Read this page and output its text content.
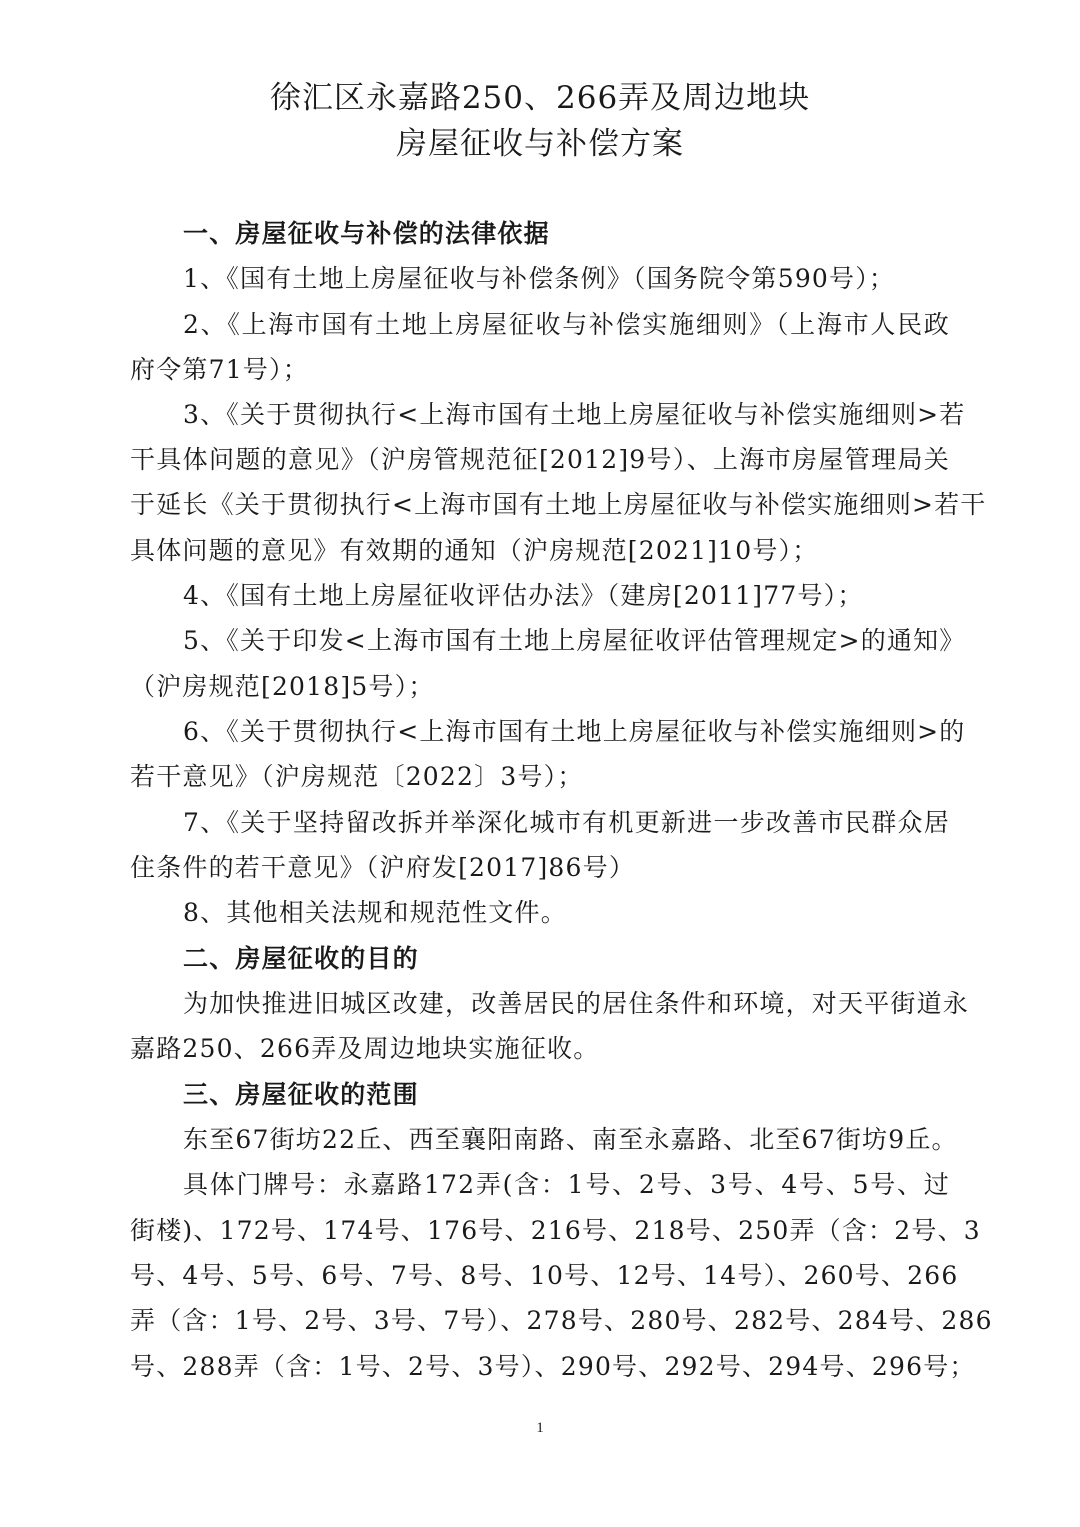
徐汇区永嘉路250、266弄及周边地块
房屋征收与补偿方案
一、房屋征收与补偿的法律依据
1、《国有土地上房屋征收与补偿条例》（国务院令第590号）；
2、《上海市国有土地上房屋征收与补偿实施细则》（上海市人民政
府令第71号）；
3、《关于贯彻执行<上海市国有土地上房屋征收与补偿实施细则>若
干具体问题的意见》（沪房管规范征[2012]9号）、上海市房屋管理局关
于延长《关于贯彻执行<上海市国有土地上房屋征收与补偿实施细则>若干
具体问题的意见》有效期的通知（沪房规范[2021]10号）；
4、《国有土地上房屋征收评估办法》（建房[2011]77号）；
5、《关于印发<上海市国有土地上房屋征收评估管理规定>的通知》
（沪房规范[2018]5号）；
6、《关于贯彻执行<上海市国有土地上房屋征收与补偿实施细则>的
若干意见》（沪房规范〔2022〕3号）；
7、《关于坚持留改拆并举深化城市有机更新进一步改善市民群众居
住条件的若干意见》（沪府发[2017]86号）
8、其他相关法规和规范性文件。
二、房屋征收的目的
为加快推进旧城区改建，改善居民的居住条件和环境，对天平街道永
嘉路250、266弄及周边地块实施征收。
三、房屋征收的范围
东至67街坊22丘、西至襄阳南路、南至永嘉路、北至67街坊9丘。
具体门牌号：永嘉路172弄(含：1号、2号、3号、4号、5号、过
街楼)、172号、174号、176号、216号、218号、250弄（含：2号、3
号、4号、5号、6号、7号、8号、10号、12号、14号）、260号、266
弄（含：1号、2号、3号、7号）、278号、280号、282号、284号、286
号、288弄（含：1号、2号、3号）、290号、292号、294号、296号；
1
